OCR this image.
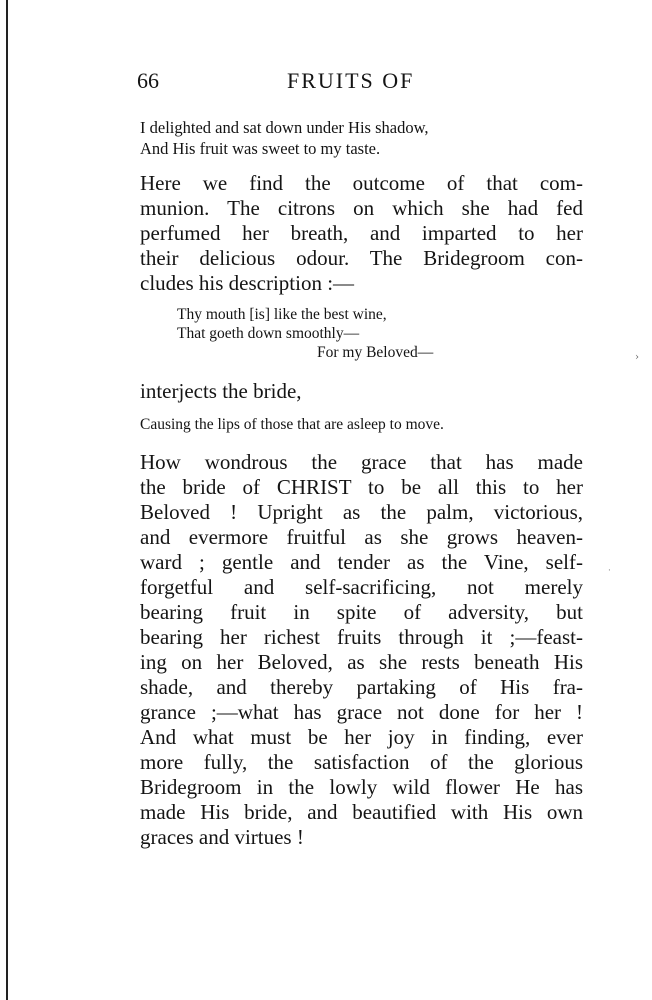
66	FRUITS OF
I delighted and sat down under His shadow,
And His fruit was sweet to my taste.
Here we find the outcome of that com-
munion. The citrons on which she had fed
perfumed her breath, and imparted to her
their delicious odour. The Bridegroom con-
cludes his description :—
Thy mouth [is] like the best wine,
That goeth down smoothly—
For my Beloved—
interjects the bride,
Causing the lips of those that are asleep to move.
How wondrous the grace that has made
the bride of CHRIST to be all this to her
Beloved ! Upright as the palm, victorious,
and evermore fruitful as she grows heaven-
ward ; gentle and tender as the Vine, self-
forgetful and self-sacrificing, not merely
bearing fruit in spite of adversity, but
bearing her richest fruits through it ;—feast-
ing on her Beloved, as she rests beneath His
shade, and thereby partaking of His fra-
grance ;—what has grace not done for her !
And what must be her joy in finding, ever
more fully, the satisfaction of the glorious
Bridegroom in the lowly wild flower He has
made His bride, and beautified with His own
graces and virtues !
›
·
